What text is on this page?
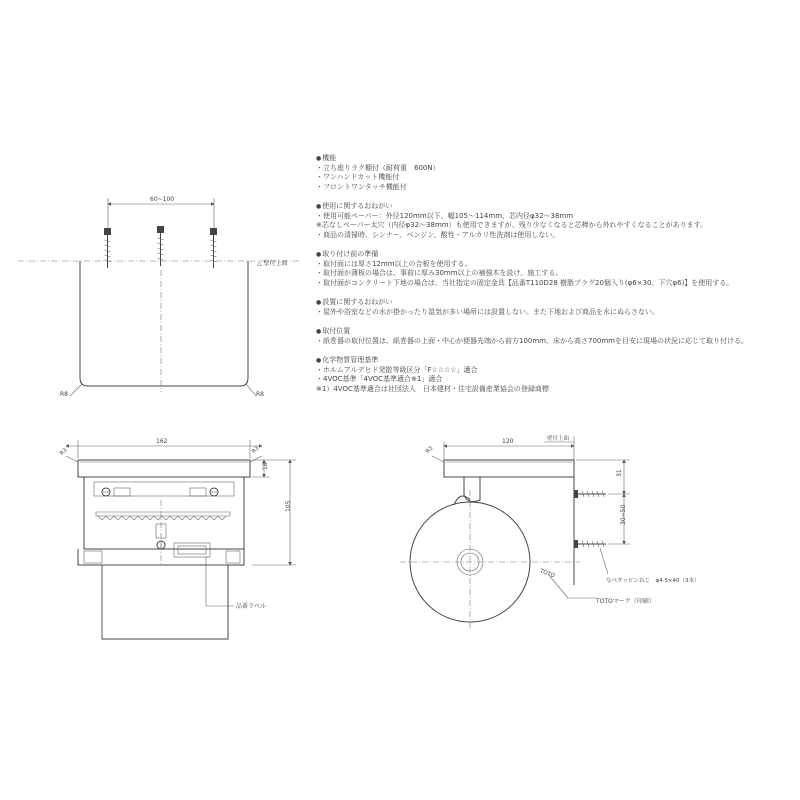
60~100
△ 壁付上面
R8	R8
162
R3	R3
18
105
品番ラベル
120	壁付上面
R3
31
30~50
TOTO
なべタッピンねじ　φ4.5×40（3本）
TOTOマーク（印刷）
● 機能
・立ち座りラク棚付（耐荷重　600N）
・ワンハンドカット機能付
・フロントワンタッチ機能付
● 使用に関するおねがい
・使用可能ペーパー：外径120mm以下、幅105～114mm、芯内径φ32～38mm
※芯なしペーパー太穴（内径φ32～38mm）も使用できますが、残り少なくなると芯棒から外れやすくなることがあります。
・商品の清掃時、シンナー、ベンジン、酸性・アルカリ性洗剤は使用しない。
● 取り付け前の準備
・取付面には厚さ12mm以上の合板を使用する。
・取付面が薄板の場合は、事前に厚み30mm以上の補強木を設け、施工する。
・取付面がコンクリート下地の場合は、当社指定の固定金具【品番T110D28 樹脂プラグ20個入り(φ6×30、下穴φ6)】を使用する。
● 設置に関するおねがい
・屋外や浴室などの水が掛かったり湿気が多い場所には設置しない。また下地および商品を水にぬらさない。
● 取付位置
・紙巻器の取付位置は、紙巻器の上面・中心が便器先端から前方100mm、床から高さ700mmを目安に現場の状況に応じて取り付ける。
● 化学物質管理基準
・ホルムアルデヒド発散等級区分「F☆☆☆☆」適合
・4VOC基準「4VOC基準適合※1」適合
※1）4VOC基準適合は社団法人　日本建材・住宅設備産業協会の登録商標
